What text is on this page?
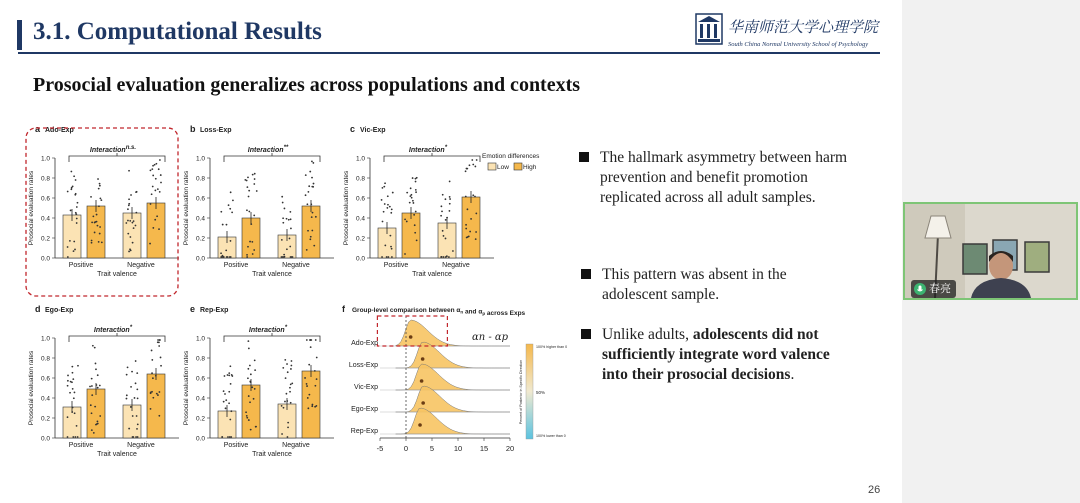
3.1. Computational Results	华南师范大学心理学院
South China Normal University School of Psychology
Prosocial evaluation generalizes across populations and contexts
a Ado-Exp
Interactionn.s.
0.0
0.2
0.4
0.6
0.8
1.0
Prosocial evaluation rates
Positive	Negative
Trait valence
b Loss-Exp
Interaction**
0.0
0.2
0.4
0.6
0.8
1.0
Prosocial evaluation rates
Positive	Negative
Trait valence
c Vic-Exp
Interaction*
0.0
0.2
0.4
0.6
0.8
1.0
Prosocial evaluation rates
Positive	Negative
Trait valence
d Ego-Exp
Interaction*
0.0
0.2
0.4
0.6
0.8
1.0
Prosocial evaluation rates
Positive	Negative
Trait valence
e Rep-Exp
Interaction*
0.0
0.2
0.4
0.6
0.8
1.0
Prosocial evaluation rates
Positive	Negative
Trait valence
Emotion differences
Low High
f Group-level comparison between $\alpha_n$ and $\alpha_p$ across Exps
αn - αp
Ado-Exp
Loss-Exp
Vic-Exp
Ego-Exp
Rep-Exp
-5	0	5	10 15 20
100% higher than 0
50%
100% lower than 0
Percent of Posterior in Specific Direction
The hallmark asymmetry between harm
prevention and benefit promotion
replicated across all adult samples.
This pattern was absent in the
adolescent sample.
Unlike adults, adolescents did not
sufficiently integrate word valence
into their prosocial decisions.
26
春亮
